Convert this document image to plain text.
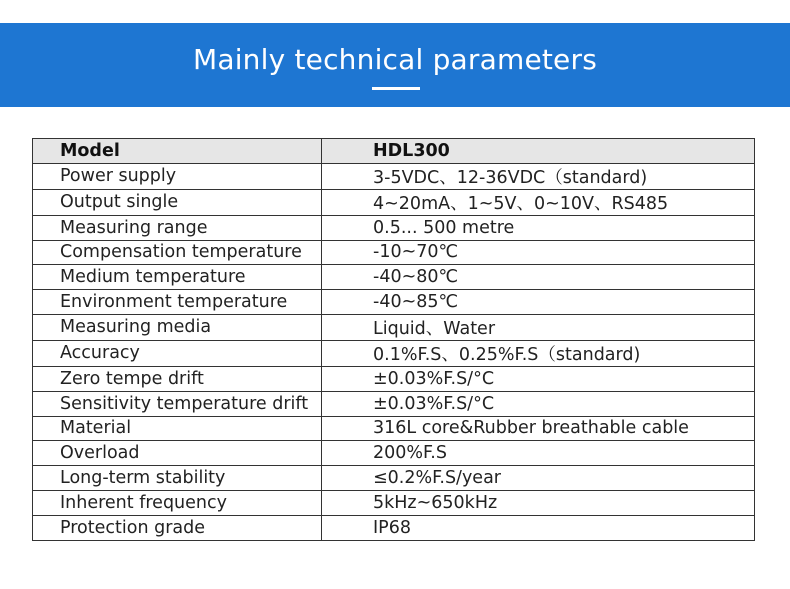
Mainly technical parameters
Model	HDL300
Power supply	3-5VDC、12-36VDC（standard)
Output single	4~20mA、1~5V、0~10V、RS485
Measuring range	0.5... 500 metre
Compensation temperature	-10~70℃
Medium temperature	-40~80℃
Environment temperature	-40~85℃
Measuring media	Liquid、Water
Accuracy	0.1%F.S、0.25%F.S（standard)
Zero tempe drift	±0.03%F.S/°C
Sensitivity temperature drift	±0.03%F.S/°C
Material	316L core&Rubber breathable cable
Overload	200%F.S
Long-term stability	≤0.2%F.S/year
Inherent frequency	5kHz~650kHz
Protection grade	IP68
